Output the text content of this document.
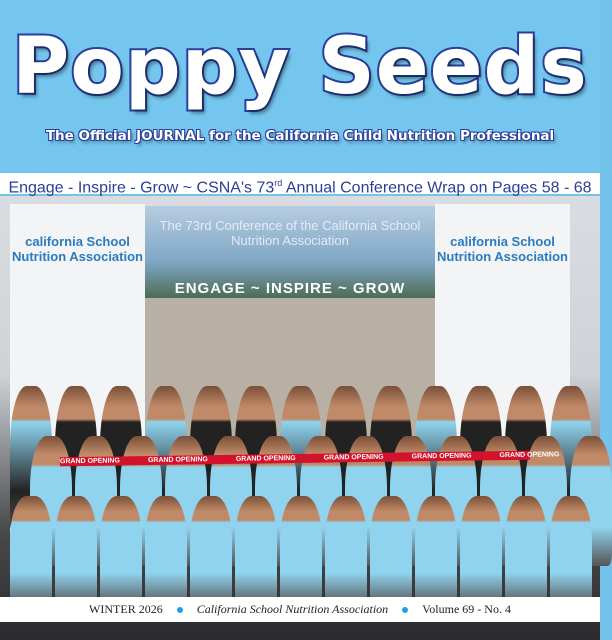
Poppy Seeds
The Official JOURNAL for the California Child Nutrition Professional
Engage - Inspire - Grow ~ CSNA's 73rd Annual Conference Wrap on Pages 58 - 68
california School Nutrition Association
california School Nutrition Association
The 73rd Conference of the California School Nutrition Association
ENGAGE ~ INSPIRE ~ GROW
GRAND OPENING	GRAND OPENING	GRAND OPENING	GRAND OPENING	GRAND OPENING	GRAND OPENING
WINTER 2026	California School Nutrition Association	Volume 69 - No. 4
